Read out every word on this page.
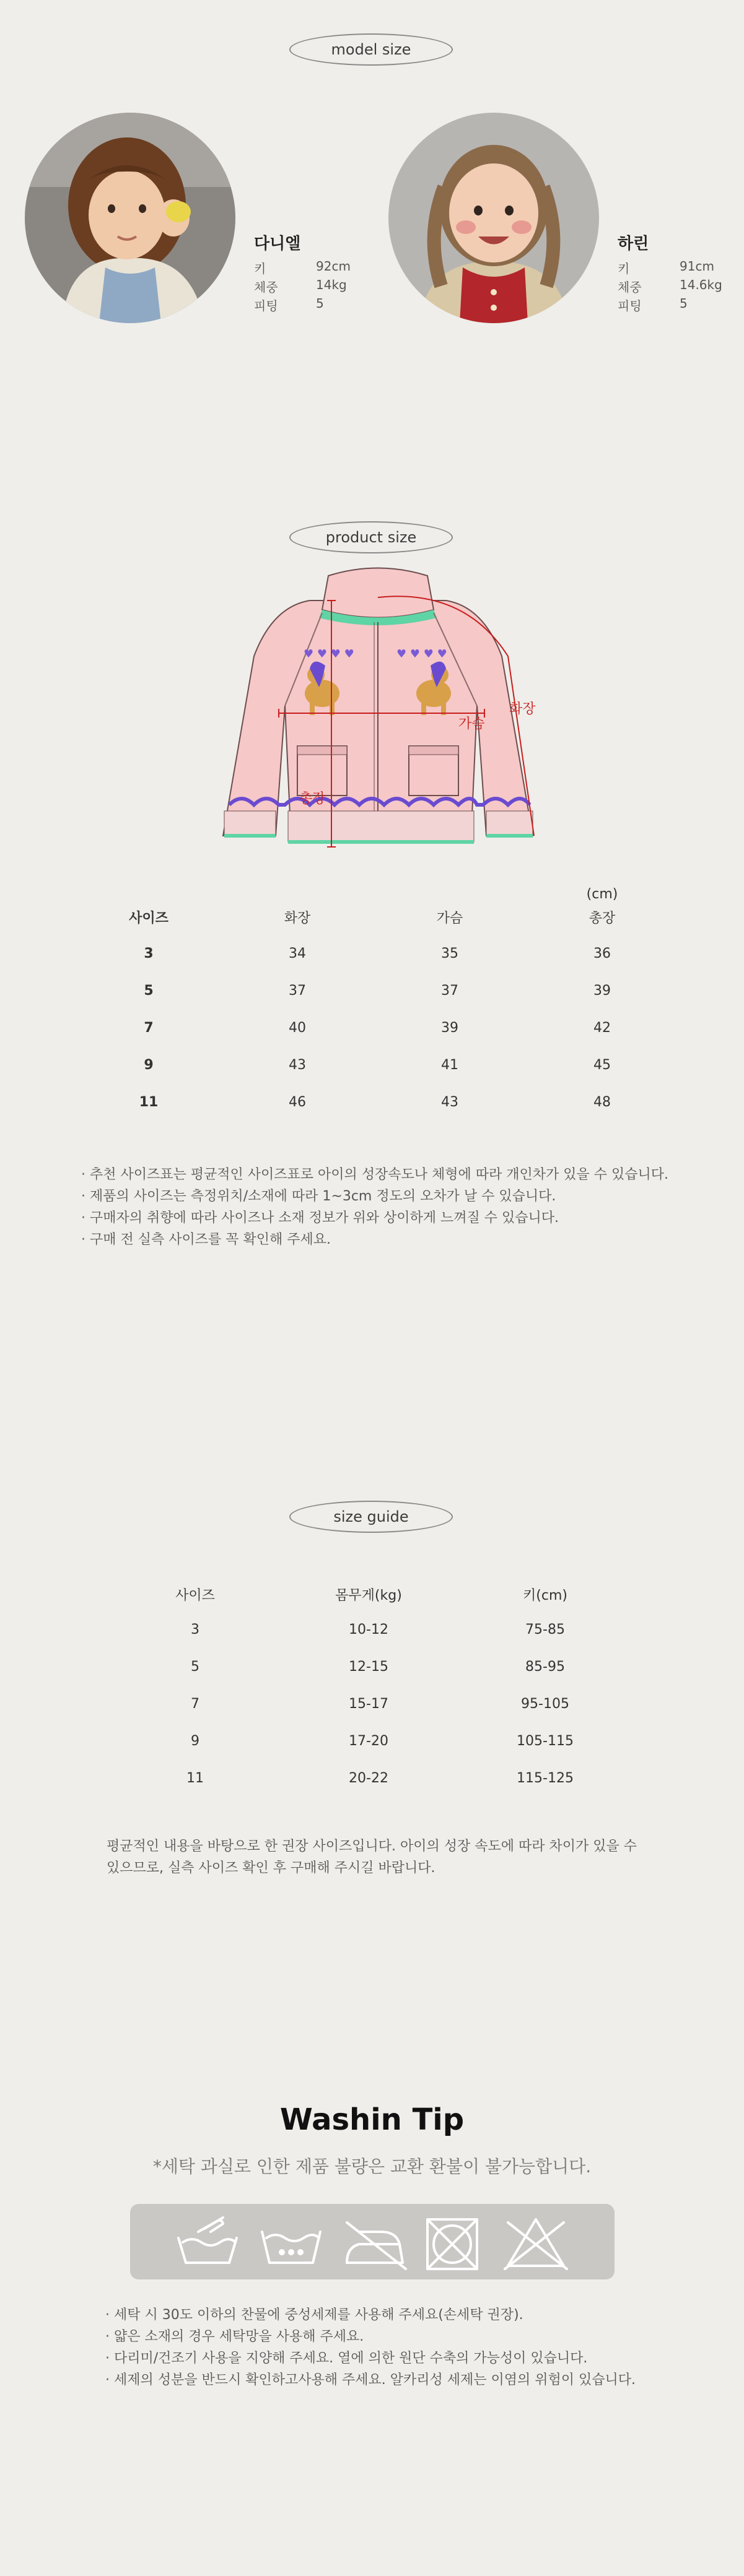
model size
다니엘
키	92cm
체중	14kg
피팅	5
하린
키	91cm
체중	14.6kg
피팅	5
product size
♥ ♥ ♥ ♥	♥ ♥ ♥ ♥
가슴
화장
총장
(cm)
사이즈	화장	가슴	총장
3	34	35	36
5	37	37	39
7	40	39	42
9	43	41	45
11	46	43	48
· 추천 사이즈표는 평균적인 사이즈표로 아이의 성장속도나 체형에 따라 개인차가 있을 수 있습니다.
· 제품의 사이즈는 측정위치/소재에 따라 1~3cm 정도의 오차가 날 수 있습니다.
· 구매자의 취향에 따라 사이즈나 소재 정보가 위와 상이하게 느껴질 수 있습니다.
· 구매 전 실측 사이즈를 꼭 확인해 주세요.
size guide
사이즈	몸무게(kg)	키(cm)
3	10-12	75-85
5	12-15	85-95
7	15-17	95-105
9	17-20	105-115
11	20-22	115-125
평균적인 내용을 바탕으로 한 권장 사이즈입니다. 아이의 성장 속도에 따라 차이가 있을 수
있으므로, 실측 사이즈 확인 후 구매해 주시길 바랍니다.
Washin Tip
*세탁 과실로 인한 제품 불량은 교환 환불이 불가능합니다.
· 세탁 시 30도 이하의 찬물에 중성세제를 사용해 주세요(손세탁 권장).
· 얇은 소재의 경우 세탁망을 사용해 주세요.
· 다리미/건조기 사용을 지양해 주세요. 열에 의한 원단 수축의 가능성이 있습니다.
· 세제의 성분을 반드시 확인하고사용해 주세요. 알카리성 세제는 이염의 위험이 있습니다.
